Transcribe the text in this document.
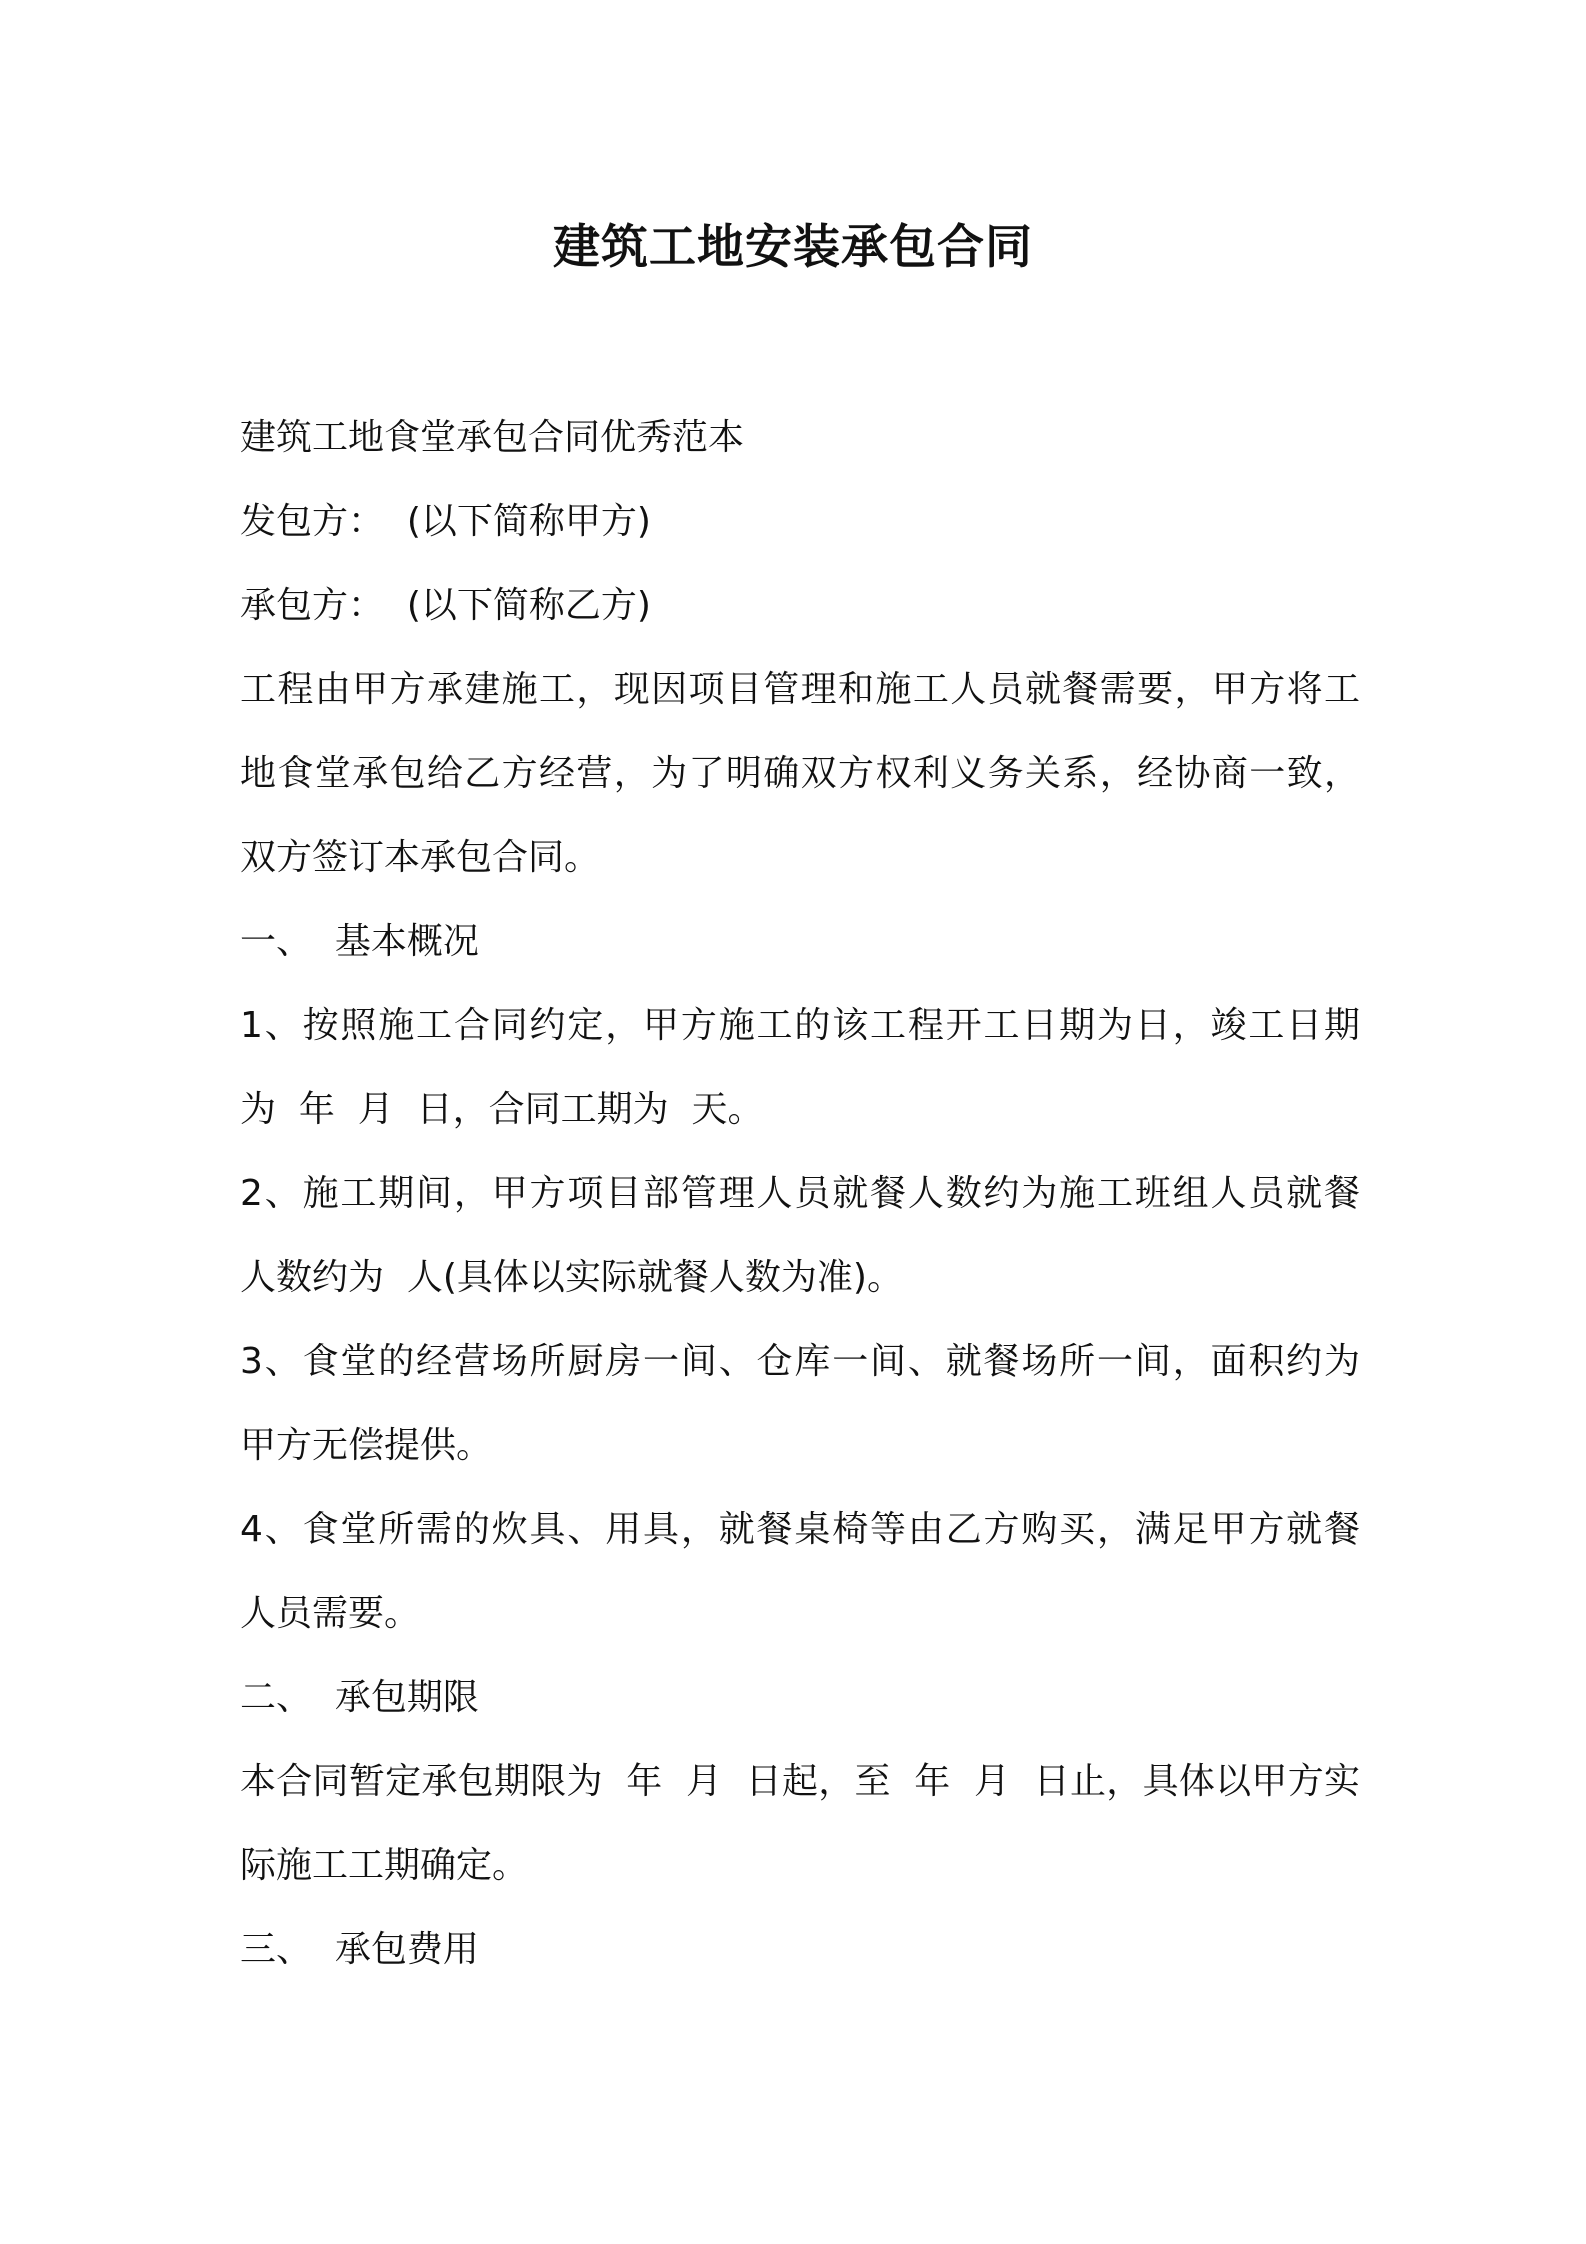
建筑工地安装承包合同
建筑工地食堂承包合同优秀范本
发包方：  (以下简称甲方)
承包方：  (以下简称乙方)
工程由甲方承建施工，现因项目管理和施工人员就餐需要，甲方将工
地食堂承包给乙方经营，为了明确双方权利义务关系，经协商一致，
双方签订本承包合同。
一、  基本概况
1、按照施工合同约定，甲方施工的该工程开工日期为日，竣工日期
为  年  月  日，合同工期为  天。
2、施工期间，甲方项目部管理人员就餐人数约为施工班组人员就餐
人数约为  人(具体以实际就餐人数为准)。
3、食堂的经营场所厨房一间、仓库一间、就餐场所一间，面积约为
甲方无偿提供。
4、食堂所需的炊具、用具，就餐桌椅等由乙方购买，满足甲方就餐
人员需要。
二、  承包期限
本合同暂定承包期限为  年  月  日起，至  年  月  日止，具体以甲方实
际施工工期确定。
三、  承包费用
